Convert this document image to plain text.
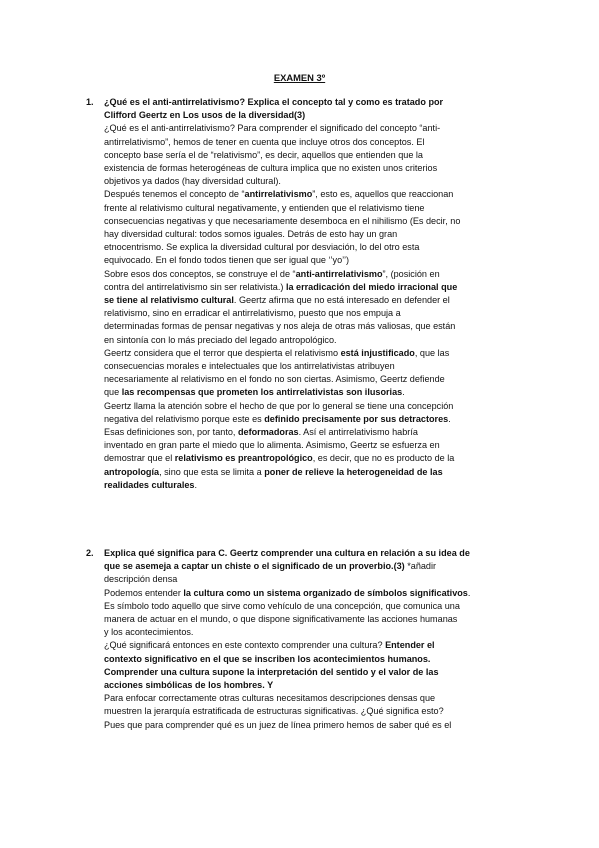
EXAMEN 3º
1. ¿Qué es el anti-antirrelativismo? Explica el concepto tal y como es tratado por
Clifford Geertz en Los usos de la diversidad(3)

¿Qué es el anti-antirrelativismo? Para comprender el significado del concepto “anti-
antirrelativismo”, hemos de tener en cuenta que incluye otros dos conceptos. El
concepto base sería el de “relativismo”, es decir, aquellos que entienden que la
existencia de formas heterogéneas de cultura implica que no existen unos criterios
objetivos ya dados (hay diversidad cultural).
Después tenemos el concepto de “antirrelativismo”, esto es, aquellos que reaccionan
frente al relativismo cultural negativamente, y entienden que el relativismo tiene
consecuencias negativas y que necesariamente desemboca en el nihilismo (Es decir, no
hay diversidad cultural: todos somos iguales. Detrás de esto hay un gran
etnocentrismo. Se explica la diversidad cultural por desviación, lo del otro esta
equivocado. En el fondo todos tienen que ser igual que ‘’yo’’)
Sobre esos dos conceptos, se construye el de “anti-antirrelativismo”, (posición en
contra del antirrelativismo sin ser relativista.) la erradicación del miedo irracional que
se tiene al relativismo cultural. Geertz afirma que no está interesado en defender el
relativismo, sino en erradicar el antirrelativismo, puesto que nos empuja a
determinadas formas de pensar negativas y nos aleja de otras más valiosas, que están
en sintonía con lo más preciado del legado antropológico.
Geertz considera que el terror que despierta el relativismo está injustificado, que las
consecuencias morales e intelectuales que los antirrelativistas atribuyen
necesariamente al relativismo en el fondo no son ciertas. Asimismo, Geertz defiende
que las recompensas que prometen los antirrelativistas son ilusorias.
Geertz llama la atención sobre el hecho de que por lo general se tiene una concepción
negativa del relativismo porque este es definido precisamente por sus detractores.
Esas definiciones son, por tanto, deformadoras. Así el antirrelativismo habría
inventado en gran parte el miedo que lo alimenta. Asimismo, Geertz se esfuerza en
demostrar que el relativismo es preantropológico, es decir, que no es producto de la
antropología, sino que esta se limita a poner de relieve la heterogeneidad de las
realidades culturales.

2. Explica qué significa para C. Geertz comprender una cultura en relación a su idea de
que se asemeja a captar un chiste o el significado de un proverbio.(3) *añadir

descripción densa
Podemos entender la cultura como un sistema organizado de símbolos significativos.
Es símbolo todo aquello que sirve como vehículo de una concepción, que comunica una
manera de actuar en el mundo, o que dispone significativamente las acciones humanas
y los acontecimientos.
¿Qué significará entonces en este contexto comprender una cultura? Entender el
contexto significativo en el que se inscriben los acontecimientos humanos.
Comprender una cultura supone la interpretación del sentido y el valor de las
acciones simbólicas de los hombres. Y
Para enfocar correctamente otras culturas necesitamos descripciones densas que
muestren la jerarquía estratificada de estructuras significativas. ¿Qué significa esto?
Pues que para comprender qué es un juez de línea primero hemos de saber qué es el
